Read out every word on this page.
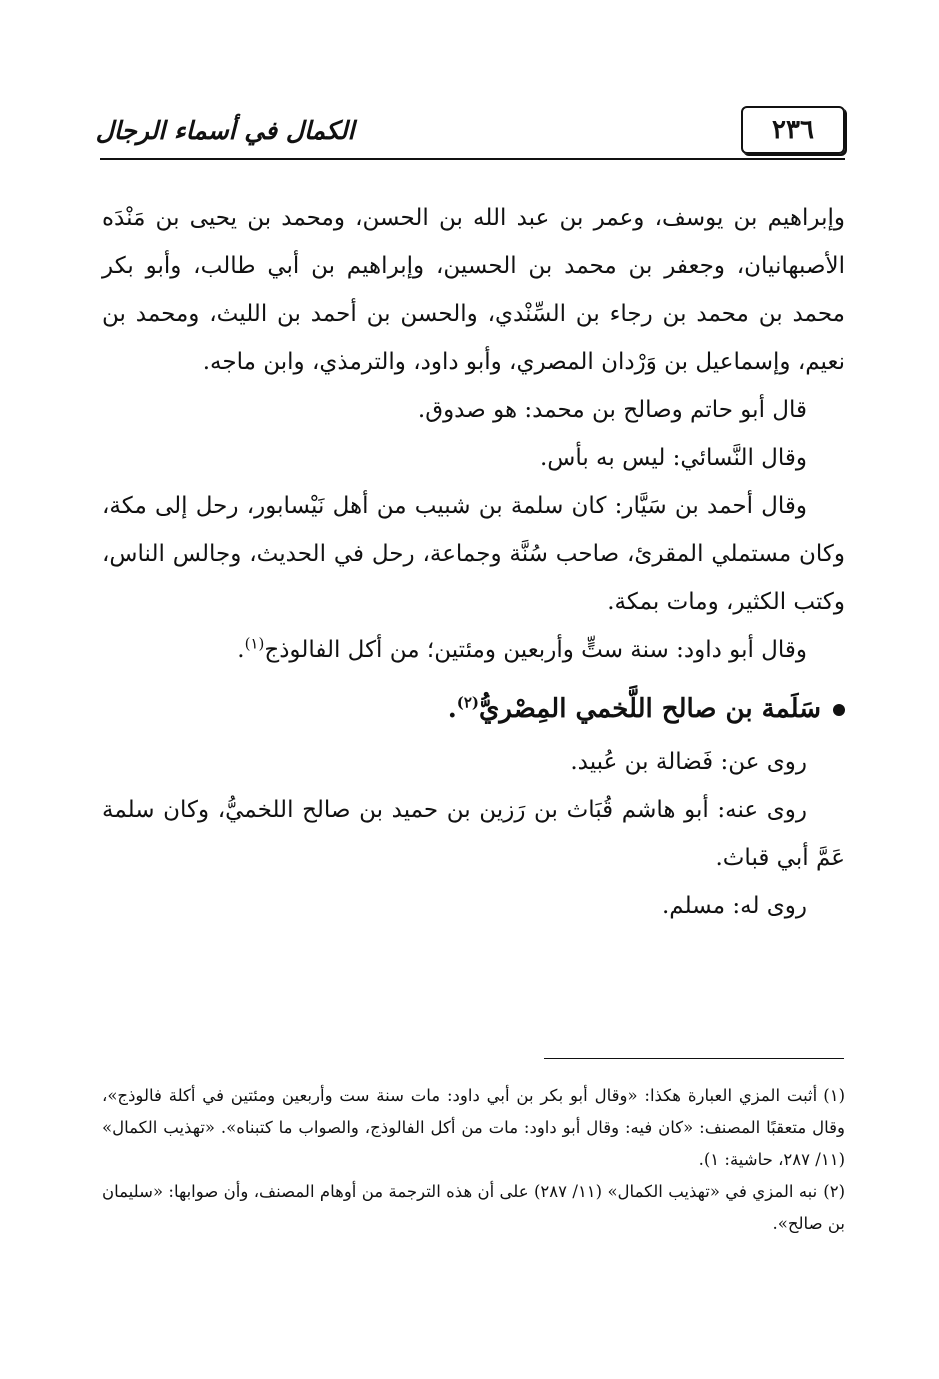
٢٣٦
الكمال في أسماء الرجال

وإبراهيم بن يوسف، وعمر بن عبد الله بن الحسن، ومحمد بن يحيى بن مَنْدَه الأصبهانيان، وجعفر بن محمد بن الحسين، وإبراهيم بن أبي طالب، وأبو بكر محمد بن محمد بن رجاء بن السِّنْدي، والحسن بن أحمد بن الليث، ومحمد بن نعيم، وإسماعيل بن وَرْدان المصري، وأبو داود، والترمذي، وابن ماجه.

قال أبو حاتم وصالح بن محمد: هو صدوق.

وقال النَّسائي: ليس به بأس.

وقال أحمد بن سَيَّار: كان سلمة بن شبيب من أهل نَيْسابور، رحل إلى مكة، وكان مستملي المقرئ، صاحب سُنَّة وجماعة، رحل في الحديث، وجالس الناس، وكتب الكثير، ومات بمكة.

وقال أبو داود: سنة ستٍّ وأربعين ومئتين؛ من أكل الفالوذج$^{(١)}$.

سَلَمة بن صالح اللَّخمي المِصْريُّ$^{(٢)}$.

روى عن: فَضالة بن عُبيد.

روى عنه: أبو هاشم قُبَاث بن رَزين بن حميد بن صالح اللخميُّ، وكان سلمة عَمَّ أبي قباث.

روى له: مسلم.

(١)أثبت المزي العبارة هكذا: «وقال أبو بكر بن أبي داود: مات سنة ست وأربعين ومئتين في أكلة فالوذج»، وقال متعقبًا المصنف: «كان فيه: وقال أبو داود: مات من أكل الفالوذج، والصواب ما كتبناه». «تهذيب الكمال» (١١/ ٢٨٧، حاشية: ١).

(٢)نبه المزي في «تهذيب الكمال» (١١/ ٢٨٧) على أن هذه الترجمة من أوهام المصنف، وأن صوابها: «سليمان بن صالح».
